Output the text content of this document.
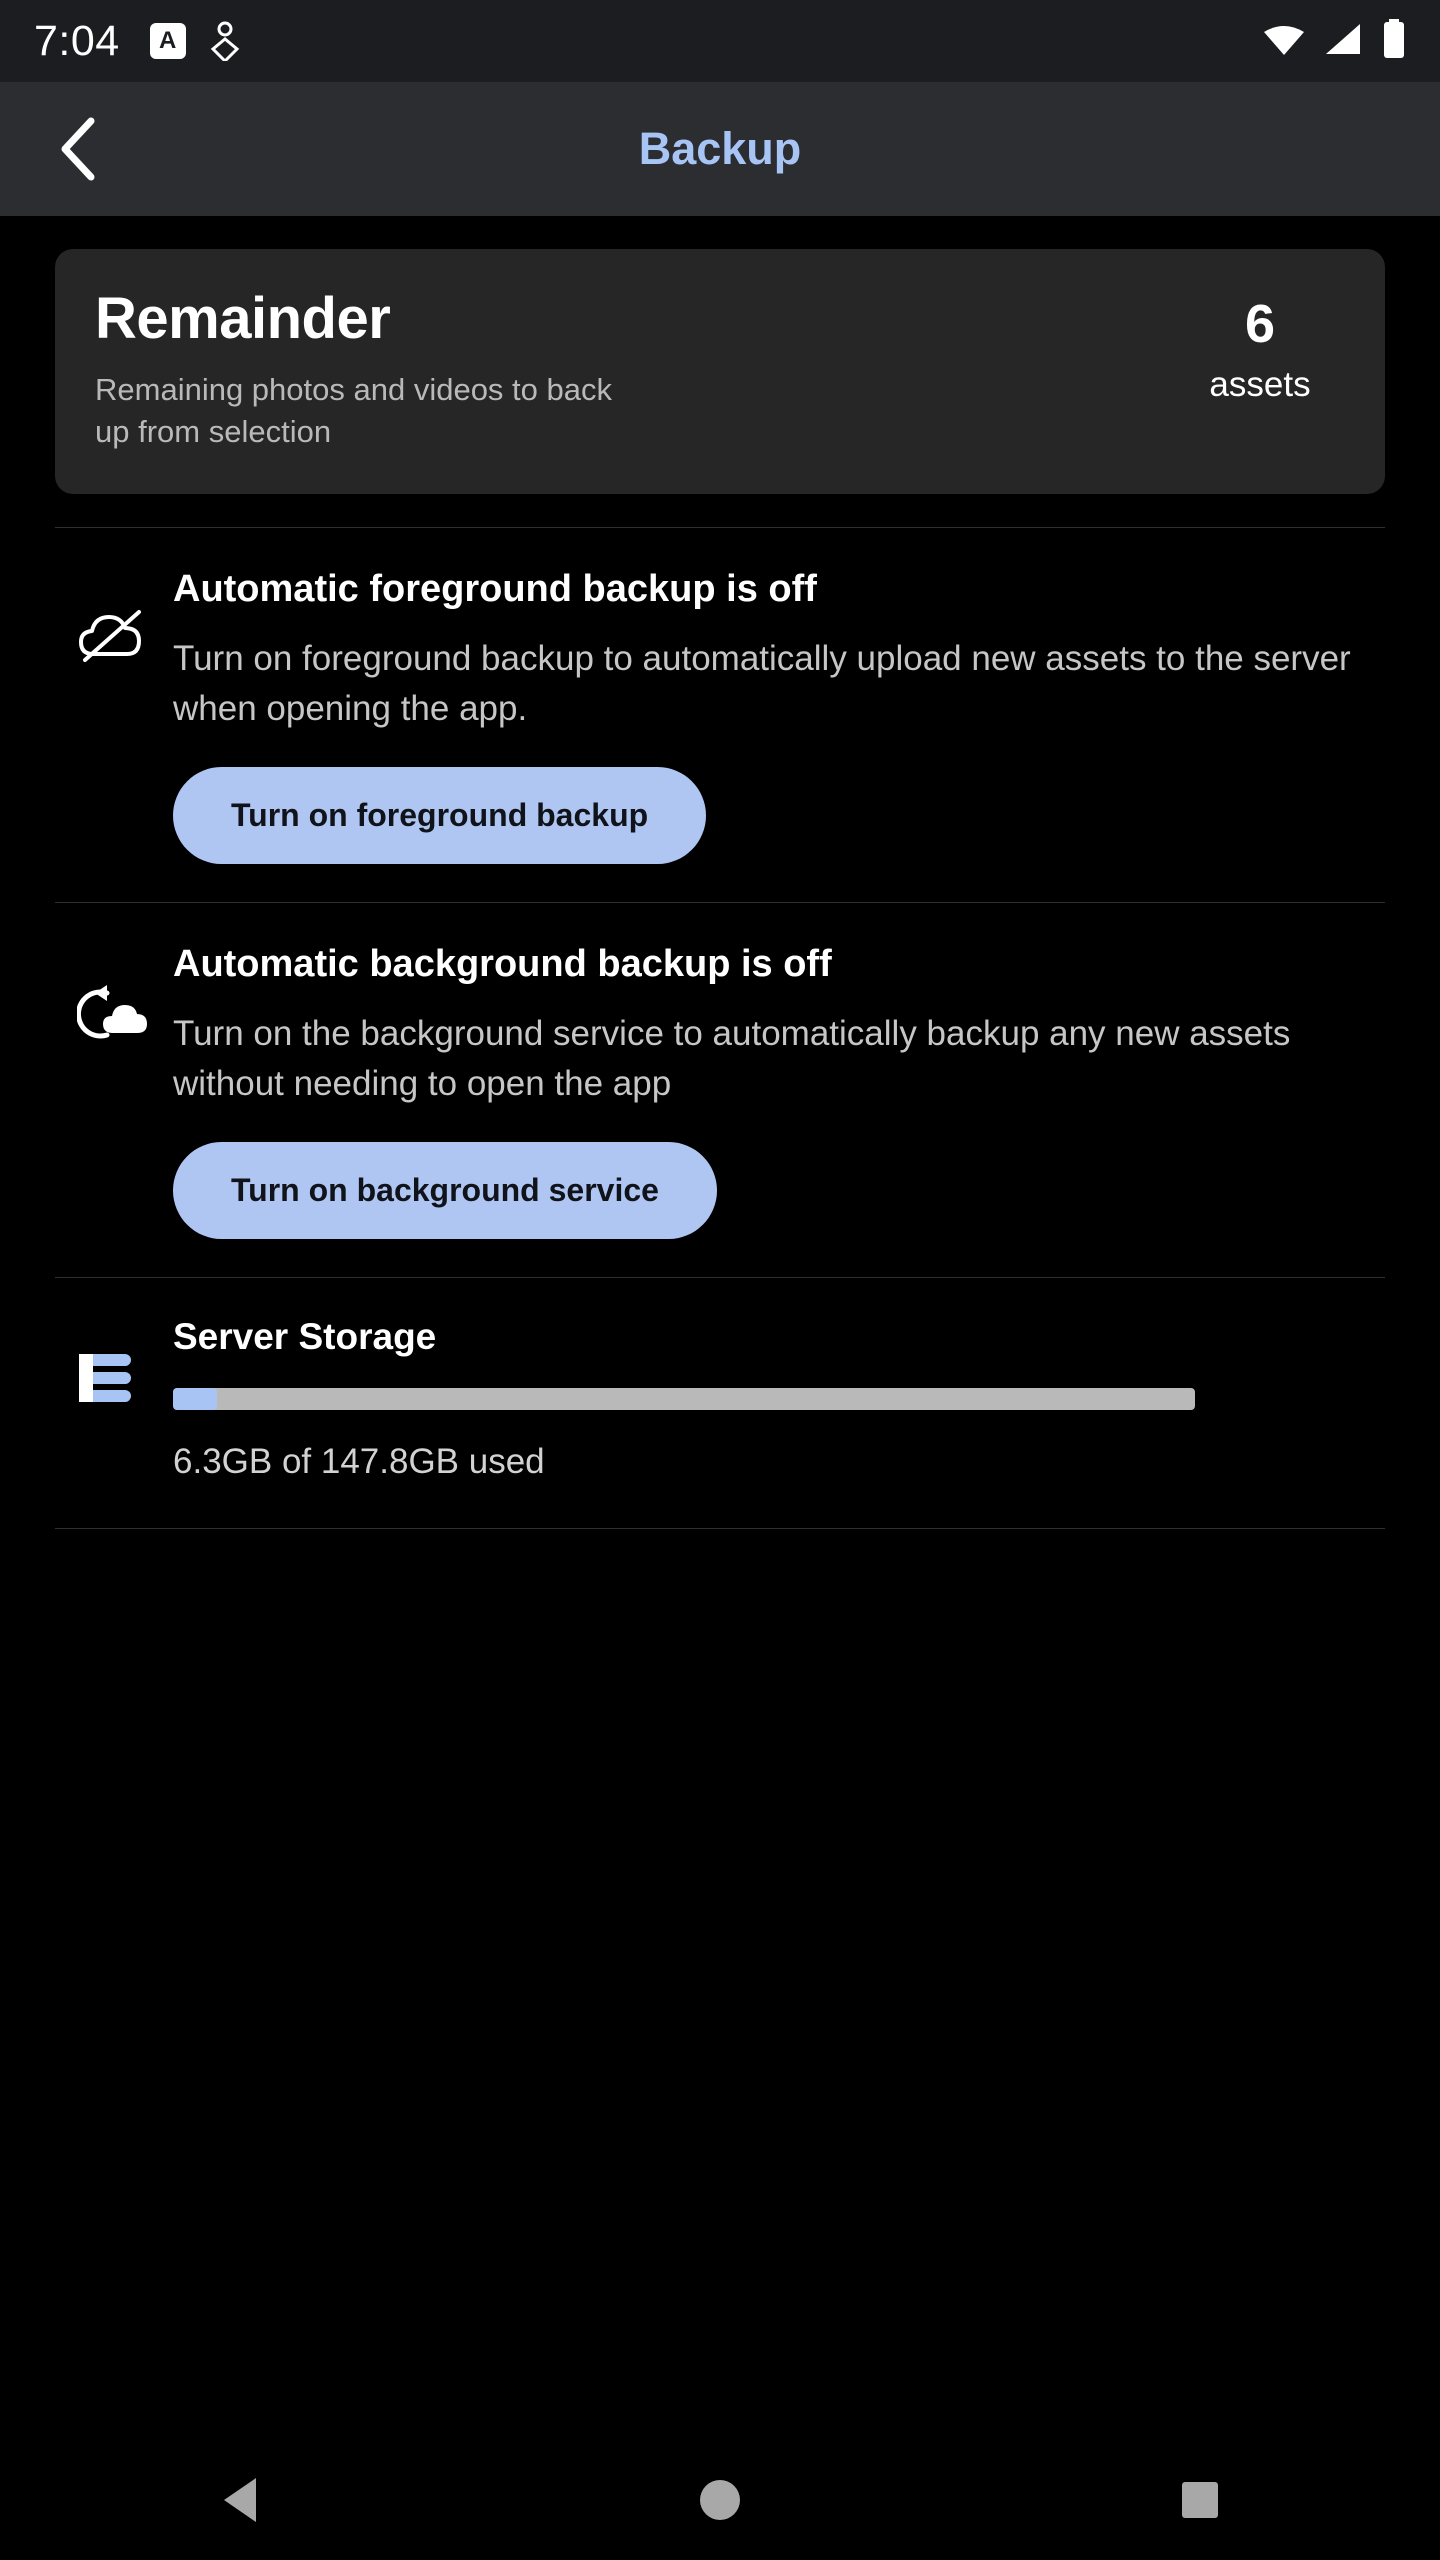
7:04	A
Backup
Remainder
Remaining photos and videos to back up from selection
6
assets
Automatic foreground backup is off
Turn on foreground backup to automatically upload new assets to the server when opening the app.
Turn on foreground backup
Automatic background backup is off
Turn on the background service to automatically backup any new assets without needing to open the app
Turn on background service
Server Storage
6.3GB of 147.8GB used
